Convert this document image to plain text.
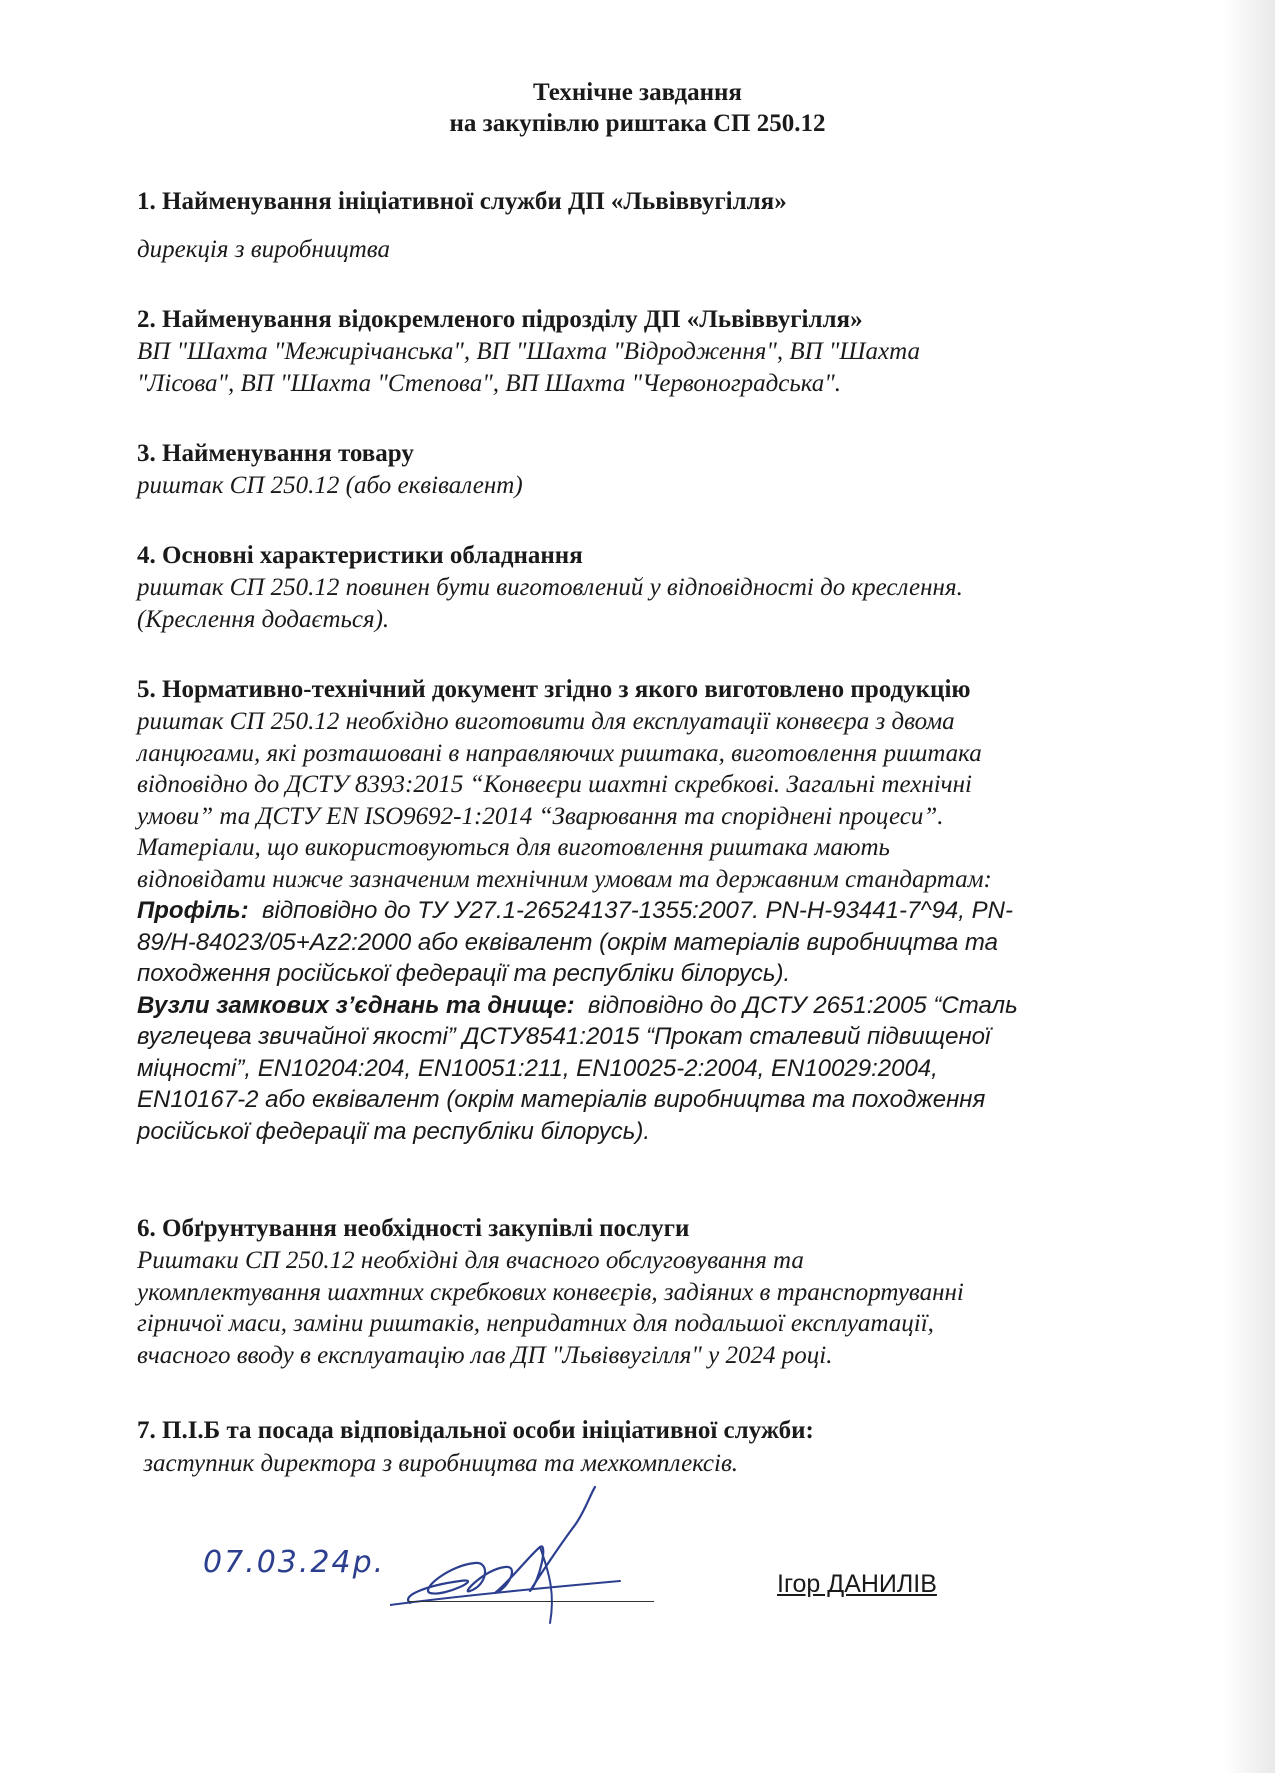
Технічне завдання
на закупівлю риштака СП 250.12
1. Найменування ініціативної служби ДП «Львіввугілля»
дирекція з виробництва
2. Найменування відокремленого підрозділу ДП «Львіввугілля»
ВП "Шахта "Межирічанська", ВП "Шахта "Відродження", ВП "Шахта
"Лісова", ВП "Шахта "Степова", ВП Шахта "Червоноградська".
3. Найменування товару
риштак СП 250.12 (або еквівалент)
4. Основні характеристики обладнання
риштак СП 250.12 повинен бути виготовлений у відповідності до креслення.
(Креслення додається).
5. Нормативно-технічний документ згідно з якого виготовлено продукцію
риштак СП 250.12 необхідно виготовити для експлуатації конвеєра з двома
ланцюгами, які розташовані в направляючих риштака, виготовлення риштака
відповідно до ДСТУ 8393:2015 “Конвеєри шахтні скребкові. Загальні технічні
умови” та ДСТУ EN ISO9692-1:2014 “Зварювання та споріднені процеси”.
Матеріали, що використовуються для виготовлення риштака мають
відповідати нижче зазначеним технічним умовам та державним стандартам:
Профіль: відповідно до ТУ У27.1-26524137-1355:2007. PN-H-93441-7^94, PN-
89/H-84023/05+Az2:2000 або еквівалент (окрім матеріалів виробництва та
походження російської федерації та республіки білорусь).
Вузли замкових з’єднань та днище: відповідно до ДСТУ 2651:2005 “Сталь
вуглецева звичайної якості” ДСТУ8541:2015 “Прокат сталевий підвищеної
міцності”, EN10204:204, EN10051:211, EN10025-2:2004, EN10029:2004,
EN10167-2 або еквівалент (окрім матеріалів виробництва та походження
російської федерації та республіки білорусь).
6. Обґрунтування необхідності закупівлі послуги
Риштаки СП 250.12 необхідні для вчасного обслуговування та
укомплектування шахтних скребкових конвеєрів, задіяних в транспортуванні
гірничої маси, заміни риштаків, непридатних для подальшої експлуатації,
вчасного вводу в експлуатацію лав ДП "Львіввугілля" у 2024 році.
7. П.І.Б та посада відповідальної особи ініціативної служби:
заступник директора з виробництва та мехкомплексів.
07.03.24р.
Ігор ДАНИЛІВ
